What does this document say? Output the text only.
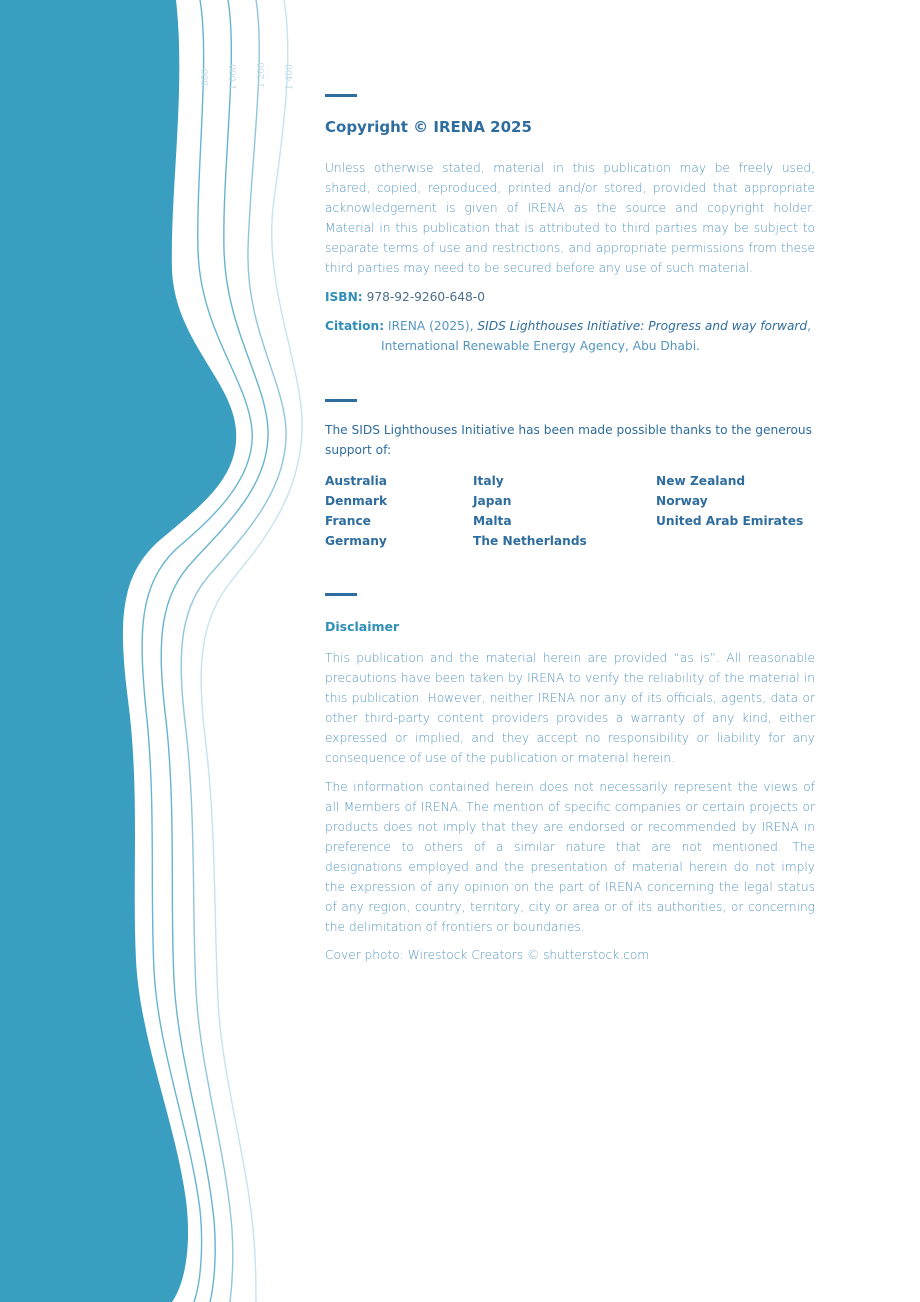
800 1 000 1 200 1 400
Copyright © IRENA 2025

Unless otherwise stated, material in this publication may be freely used, shared, copied, reproduced, printed and/or stored, provided that appropriate acknowledgement is given of IRENA as the source and copyright holder. Material in this publication that is attributed to third parties may be subject to separate terms of use and restrictions, and appropriate permissions from these third parties may need to be secured before any use of such material.

ISBN: 978-92-9260-648-0

Citation: IRENA (2025), SIDS Lighthouses Initiative: Progress and way forward,
International Renewable Energy Agency, Abu Dhabi.

The SIDS Lighthouses Initiative has been made possible thanks to the generous support of:

Australia
Denmark
France
Germany
Italy
Japan
Malta
The Netherlands
New Zealand
Norway
United Arab Emirates
Disclaimer

This publication and the material herein are provided “as is”. All reasonable precautions have been taken by IRENA to verify the reliability of the material in this publication. However, neither IRENA nor any of its officials, agents, data or other third-party content providers provides a warranty of any kind, either expressed or implied, and they accept no responsibility or liability for any consequence of use of the publication or material herein.

The information contained herein does not necessarily represent the views of all Members of IRENA. The mention of specific companies or certain projects or products does not imply that they are endorsed or recommended by IRENA in preference to others of a similar nature that are not mentioned. The designations employed and the presentation of material herein do not imply the expression of any opinion on the part of IRENA concerning the legal status of any region, country, territory, city or area or of its authorities, or concerning the delimitation of frontiers or boundaries.

Cover photo: Wirestock Creators © shutterstock.com
